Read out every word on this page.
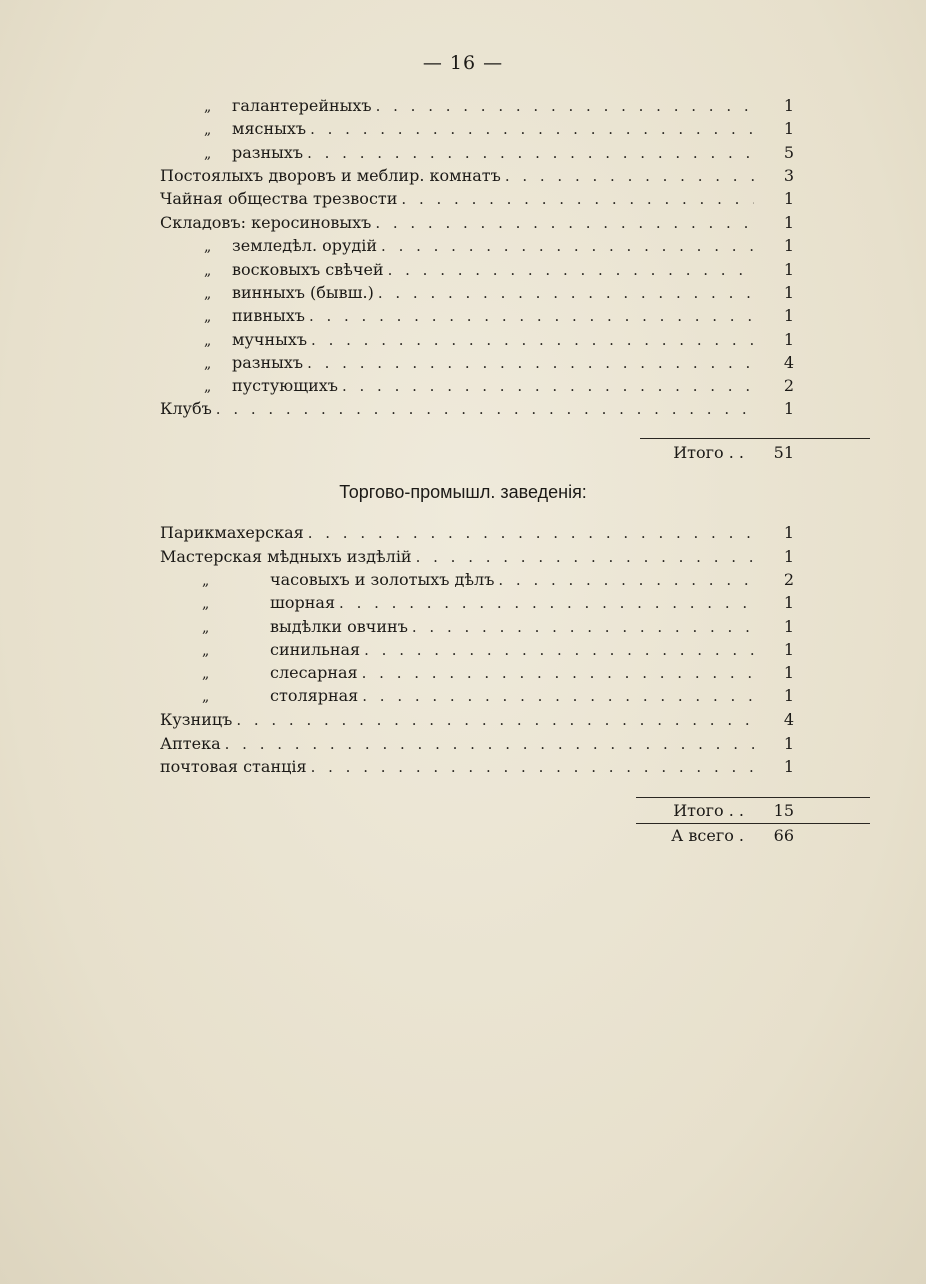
— 16 —
„	галантерейныхъ . . .	1
„	мясныхъ . . .	1
„	разныхъ . . .	5
Постоялыхъ дворовъ и меблир. комнатъ . . .	3
Чайная общества трезвости . . .	1
Складовъ: керосиновыхъ . . .	1
„	земледѣл. орудій . . .	1
„	восковыхъ свѣчей . . .	1
„	винныхъ (бывш.) . . .	1
„	пивныхъ . . .	1
„	мучныхъ . . .	1
„	разныхъ . . .	4
„	пустующихъ . . .	2
Клубъ . . .	1
Итого . .	51
Торгово-промышл. заведенія:
Парикмахерская . . .	1
Мастерская мѣдныхъ издѣлій . . .	1
„	часовыхъ и золотыхъ дѣлъ . . .	2
„	шорная . . .	1
„	выдѣлки овчинъ . . .	1
„	синильная . . .	1
„	слесарная . . .	1
„	столярная . . .	1
Кузницъ . . .	4
Аптека . . .	1
почтовая станція . . .	1
Итого . .	15
А всего .	66
